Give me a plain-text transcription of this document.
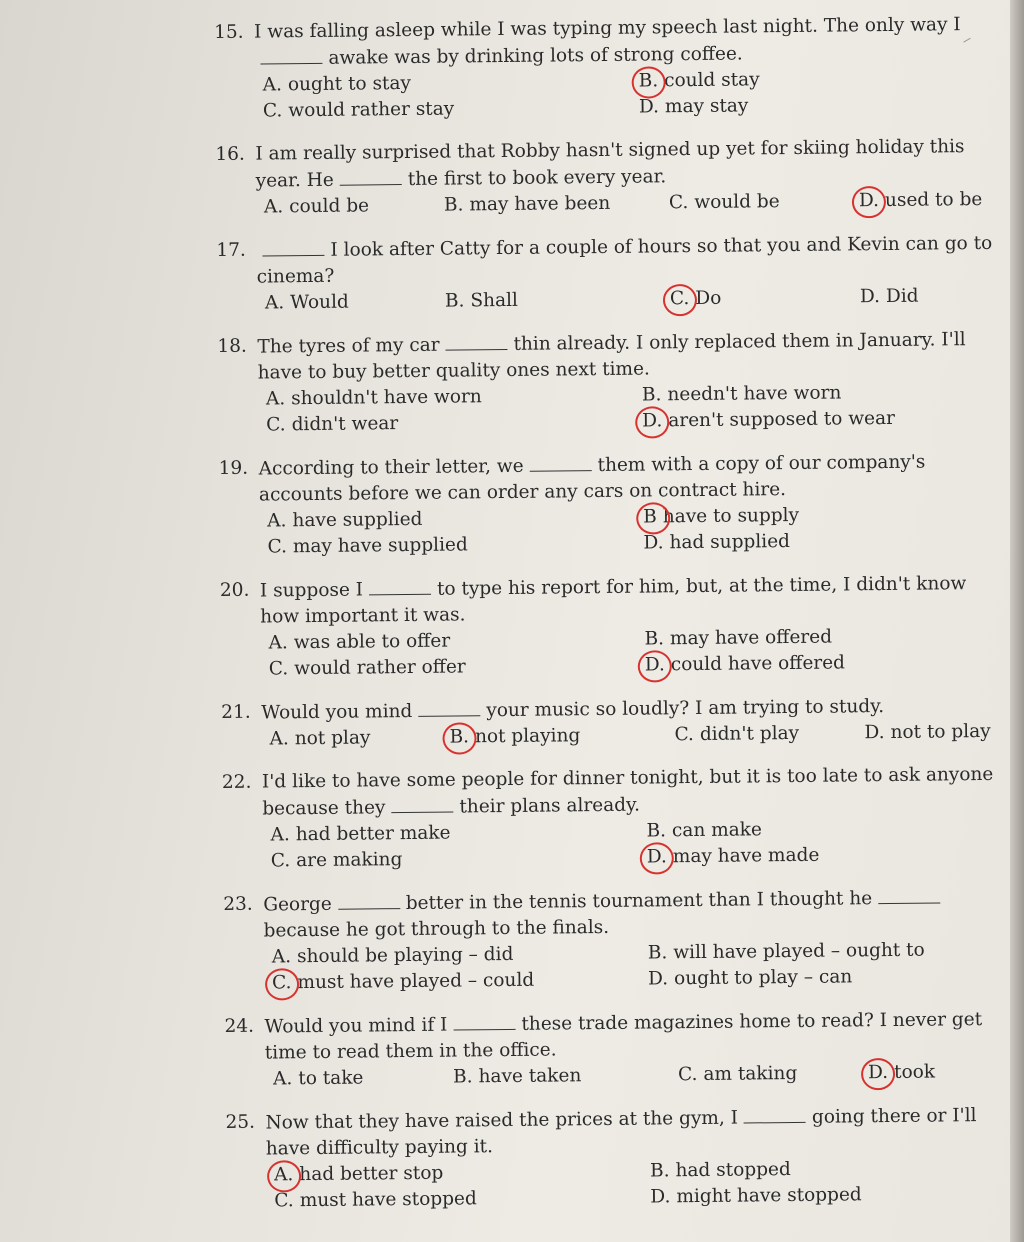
15. I was falling asleep while I was typing my speech last night. The only way Iawake was by drinking lots of strong coffee.
A. ought to stay	B. could stay
C. would rather stay	D. may stay
16. I am really surprised that Robby hasn't signed up yet for skiing holiday this year. He	the first to book every year.
A. could be	B. may have been	C. would be	D. used to be
17.	I look after Catty for a couple of hours so that you and Kevin can go to cinema?
A. Would	B. Shall	C. Do	D. Did
18. The tyres of my car	thin already. I only replaced them in January. I'll have to buy better quality ones next time.
A. shouldn't have worn	B. needn't have worn
C. didn't wear	D. aren't supposed to wear
19. According to their letter, we	them with a copy of our company's accounts before we can order any cars on contract hire.
A. have supplied	B have to supply
C. may have supplied	D. had supplied
20. I suppose I	to type his report for him, but, at the time, I didn't know how important it was.
A. was able to offer	B. may have offered
C. would rather offer	D. could have offered
21. Would you mind	your music so loudly? I am trying to study.
A. not play	B. not playing	C. didn't play	D. not to play
22. I'd like to have some people for dinner tonight, but it is too late to ask anyone because they	their plans already.
A. had better make	B. can make
C. are making	D. may have made
23. George	better in the tennis tournament than I thought hebecause he got through to the finals.
A. should be playing – did	B. will have played – ought to
C. must have played – could	D. ought to play – can
24. Would you mind if I	these trade magazines home to read? I never get time to read them in the office.
A. to take	B. have taken	C. am taking	D. took
25. Now that they have raised the prices at the gym, I	going there or I'll have difficulty paying it.
A. had better stop	B. had stopped
C. must have stopped	D. might have stopped
